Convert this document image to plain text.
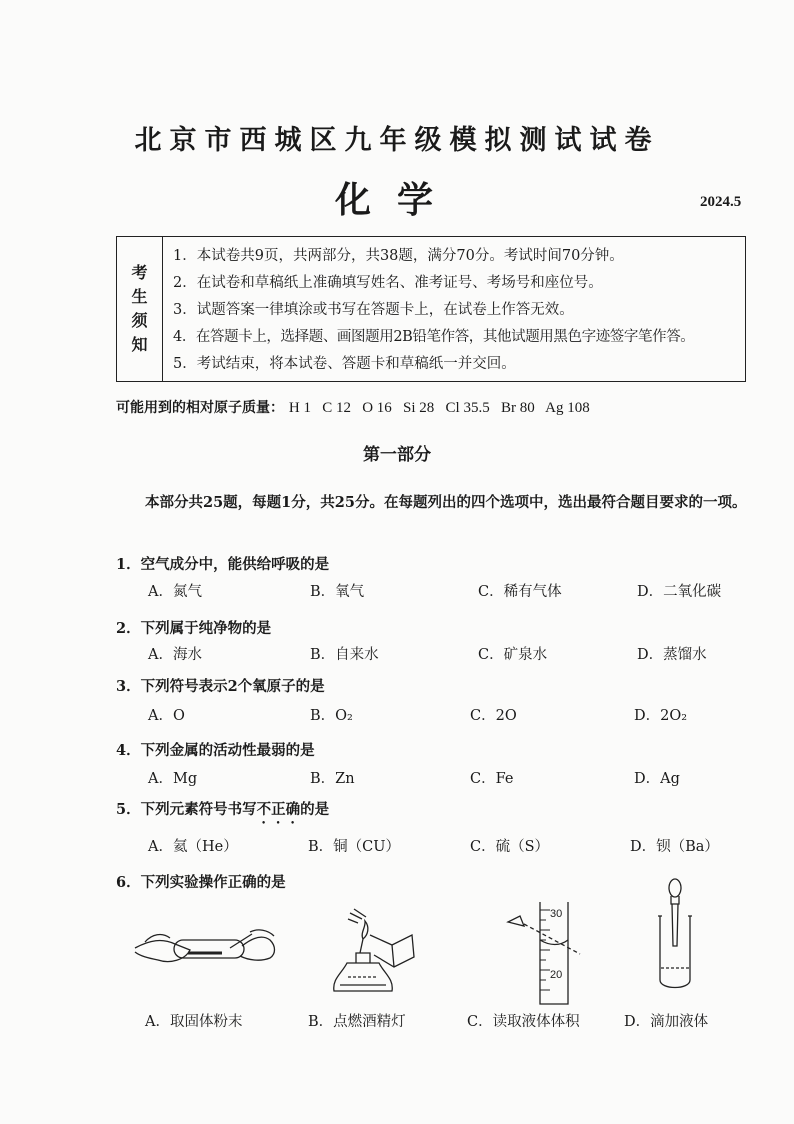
北京市西城区九年级模拟测试试卷
化学	2024.5
考
生
须
知
1．本试卷共9页，共两部分，共38题，满分70分。考试时间70分钟。
2．在试卷和草稿纸上准确填写姓名、准考证号、考场号和座位号。
3．试题答案一律填涂或书写在答题卡上，在试卷上作答无效。
4．在答题卡上，选择题、画图题用2B铅笔作答，其他试题用黑色字迹签字笔作答。
5．考试结束，将本试卷、答题卡和草稿纸一并交回。
可能用到的相对原子质量： H 1   C 12   O 16   Si 28   Cl 35.5   Br 80   Ag 108
第一部分
本部分共25题，每题1分，共25分。在每题列出的四个选项中，选出最符合题目要求的一项。
1．空气成分中，能供给呼吸的是
A．氮气	B．氧气	C．稀有气体	D．二氧化碳
2．下列属于纯净物的是
A．海水	B．自来水	C．矿泉水	D．蒸馏水
3．下列符号表示2个氧原子的是
A．O	B．O₂	C．2O	D．2O₂
4．下列金属的活动性最弱的是
A．Mg	B．Zn	C．Fe	D．Ag
5．下列元素符号书写不正确的是
A．氦（He）	B．铜（CU）	C．硫（S）	D．钡（Ba）
6．下列实验操作正确的是
30
20
A．取固体粉末	B．点燃酒精灯	C．读取液体体积	D．滴加液体
